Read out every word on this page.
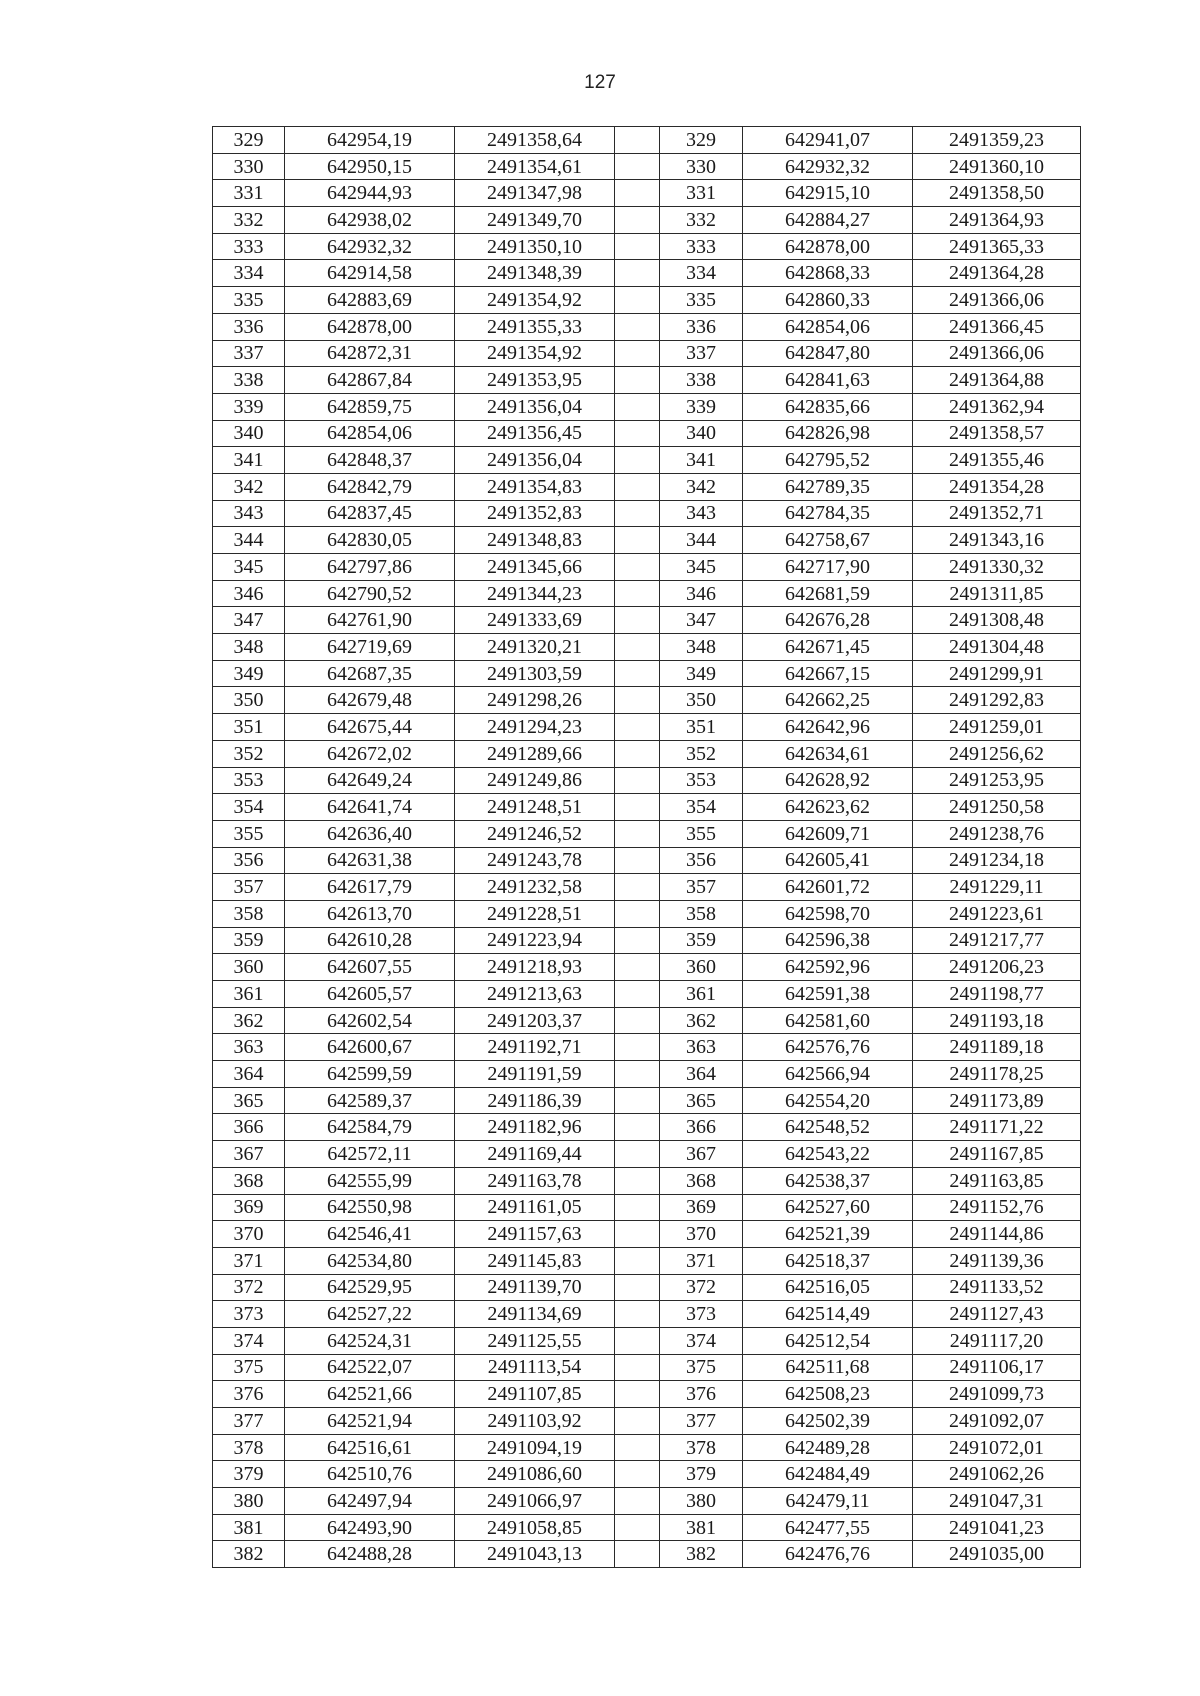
127
329	642954,19	2491358,64		329	642941,07	2491359,23
330	642950,15	2491354,61		330	642932,32	2491360,10
331	642944,93	2491347,98		331	642915,10	2491358,50
332	642938,02	2491349,70		332	642884,27	2491364,93
333	642932,32	2491350,10		333	642878,00	2491365,33
334	642914,58	2491348,39		334	642868,33	2491364,28
335	642883,69	2491354,92		335	642860,33	2491366,06
336	642878,00	2491355,33		336	642854,06	2491366,45
337	642872,31	2491354,92		337	642847,80	2491366,06
338	642867,84	2491353,95		338	642841,63	2491364,88
339	642859,75	2491356,04		339	642835,66	2491362,94
340	642854,06	2491356,45		340	642826,98	2491358,57
341	642848,37	2491356,04		341	642795,52	2491355,46
342	642842,79	2491354,83		342	642789,35	2491354,28
343	642837,45	2491352,83		343	642784,35	2491352,71
344	642830,05	2491348,83		344	642758,67	2491343,16
345	642797,86	2491345,66		345	642717,90	2491330,32
346	642790,52	2491344,23		346	642681,59	2491311,85
347	642761,90	2491333,69		347	642676,28	2491308,48
348	642719,69	2491320,21		348	642671,45	2491304,48
349	642687,35	2491303,59		349	642667,15	2491299,91
350	642679,48	2491298,26		350	642662,25	2491292,83
351	642675,44	2491294,23		351	642642,96	2491259,01
352	642672,02	2491289,66		352	642634,61	2491256,62
353	642649,24	2491249,86		353	642628,92	2491253,95
354	642641,74	2491248,51		354	642623,62	2491250,58
355	642636,40	2491246,52		355	642609,71	2491238,76
356	642631,38	2491243,78		356	642605,41	2491234,18
357	642617,79	2491232,58		357	642601,72	2491229,11
358	642613,70	2491228,51		358	642598,70	2491223,61
359	642610,28	2491223,94		359	642596,38	2491217,77
360	642607,55	2491218,93		360	642592,96	2491206,23
361	642605,57	2491213,63		361	642591,38	2491198,77
362	642602,54	2491203,37		362	642581,60	2491193,18
363	642600,67	2491192,71		363	642576,76	2491189,18
364	642599,59	2491191,59		364	642566,94	2491178,25
365	642589,37	2491186,39		365	642554,20	2491173,89
366	642584,79	2491182,96		366	642548,52	2491171,22
367	642572,11	2491169,44		367	642543,22	2491167,85
368	642555,99	2491163,78		368	642538,37	2491163,85
369	642550,98	2491161,05		369	642527,60	2491152,76
370	642546,41	2491157,63		370	642521,39	2491144,86
371	642534,80	2491145,83		371	642518,37	2491139,36
372	642529,95	2491139,70		372	642516,05	2491133,52
373	642527,22	2491134,69		373	642514,49	2491127,43
374	642524,31	2491125,55		374	642512,54	2491117,20
375	642522,07	2491113,54		375	642511,68	2491106,17
376	642521,66	2491107,85		376	642508,23	2491099,73
377	642521,94	2491103,92		377	642502,39	2491092,07
378	642516,61	2491094,19		378	642489,28	2491072,01
379	642510,76	2491086,60		379	642484,49	2491062,26
380	642497,94	2491066,97		380	642479,11	2491047,31
381	642493,90	2491058,85		381	642477,55	2491041,23
382	642488,28	2491043,13		382	642476,76	2491035,00
